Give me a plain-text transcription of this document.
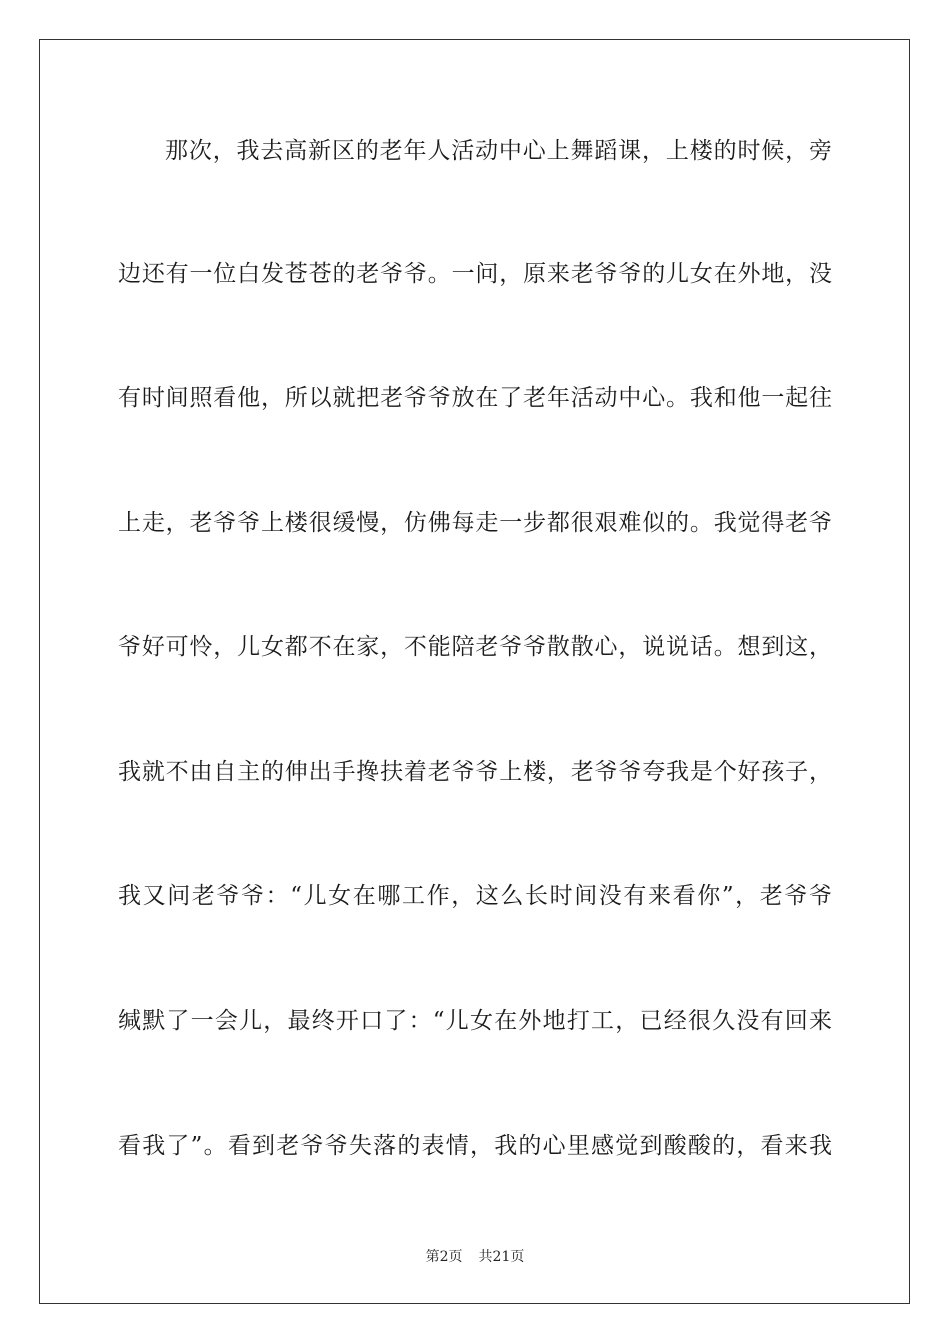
那次，我去高新区的老年人活动中心上舞蹈课，上楼的时候，旁
边还有一位白发苍苍的老爷爷。一问，原来老爷爷的儿女在外地，没
有时间照看他，所以就把老爷爷放在了老年活动中心。我和他一起往
上走，老爷爷上楼很缓慢，仿佛每走一步都很艰难似的。我觉得老爷
爷好可怜，儿女都不在家，不能陪老爷爷散散心，说说话。想到这，
我就不由自主的伸出手搀扶着老爷爷上楼，老爷爷夸我是个好孩子，
我又问老爷爷：“儿女在哪工作，这么长时间没有来看你”，老爷爷
缄默了一会儿，最终开口了：“儿女在外地打工，已经很久没有回来
看我了”。看到老爷爷失落的表情，我的心里感觉到酸酸的，看来我
第2页 共21页
